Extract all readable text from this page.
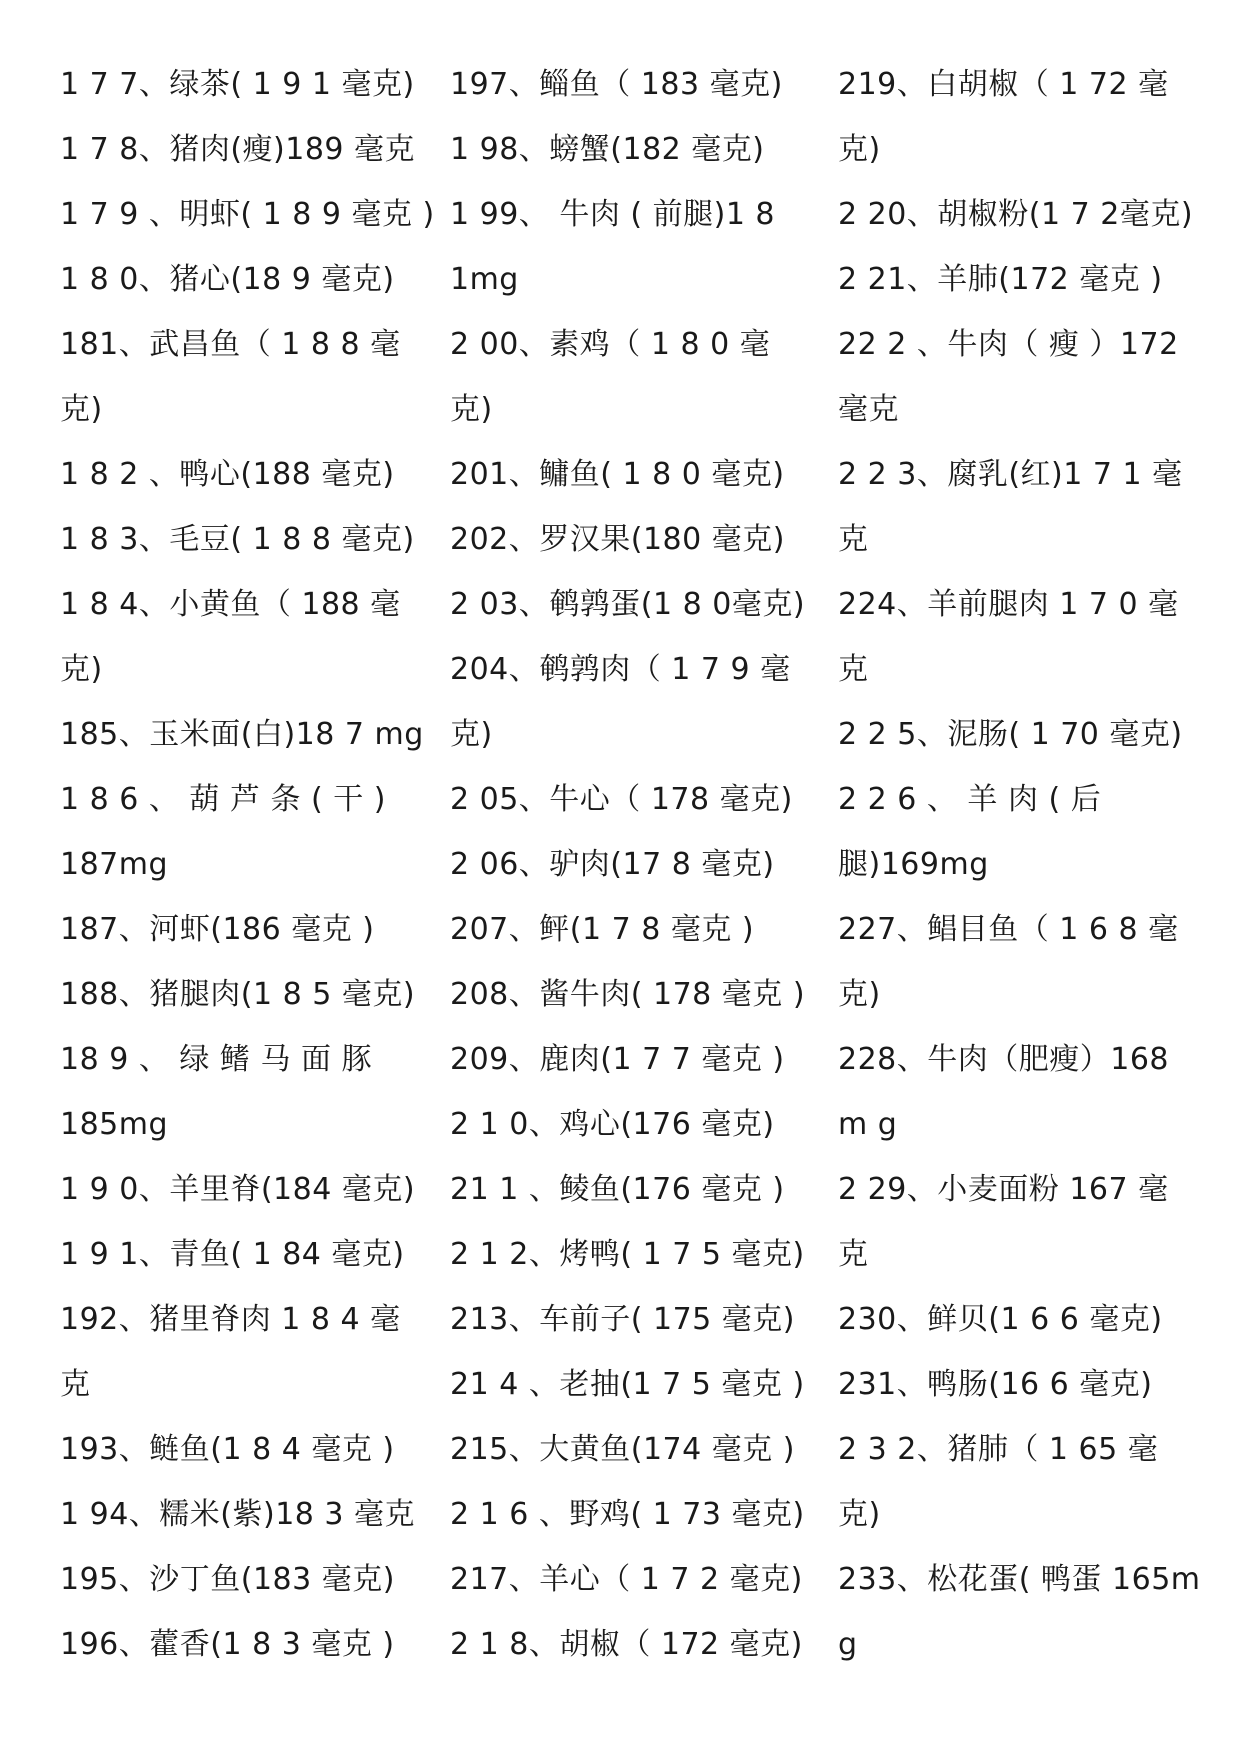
1 7 7、绿茶( 1 9 1 毫克)
1 7 8、猪肉(瘦)189 毫克
1 7 9 、明虾( 1 8 9 毫克 )
1 8 0、猪心(18 9 毫克)
181、武昌鱼（ 1 8 8 毫
克)
1 8 2 、鸭心(188 毫克)
1 8 3、毛豆( 1 8 8 毫克)
1 8 4、小黄鱼（ 188 毫
克)
185、玉米面(白)18 7 mg
1 8 6 、 葫 芦 条 ( 干 )
187mg
187、河虾(186 毫克 )
188、猪腿肉(1 8 5 毫克)
18 9 、 绿 鳍 马 面 豚
185mg
1 9 0、羊里脊(184 毫克)
1 9 1、青鱼( 1 84 毫克)
192、猪里脊肉 1 8 4 毫
克
193、鲢鱼(1 8 4 毫克 )
1 94、糯米(紫)18 3 毫克
195、沙丁鱼(183 毫克)
196、藿香(1 8 3 毫克 )
197、鲻鱼（ 183 毫克)
1 98、螃蟹(182 毫克)
1 99、 牛肉 ( 前腿)1 8
1mg
2 00、素鸡（ 1 8 0 毫
克)
201、鳙鱼( 1 8 0 毫克)
202、罗汉果(180 毫克)
2 03、鹌鹑蛋(1 8 0毫克)
204、鹌鹑肉（ 1 7 9 毫
克)
2 05、牛心（ 178 毫克)
2 06、驴肉(17 8 毫克)
207、鲆(1 7 8 毫克 )
208、酱牛肉( 178 毫克 )
209、鹿肉(1 7 7 毫克 )
2 1 0、鸡心(176 毫克)
21 1 、鲮鱼(176 毫克 )
2 1 2、烤鸭( 1 7 5 毫克)
213、车前子( 175 毫克)
21 4 、老抽(1 7 5 毫克 )
215、大黄鱼(174 毫克 )
2 1 6 、野鸡( 1 73 毫克)
217、羊心（ 1 7 2 毫克)
2 1 8、胡椒（ 172 毫克)
219、白胡椒（ 1 72 毫
克)
2 20、胡椒粉(1 7 2毫克)
2 21、羊肺(172 毫克 )
22 2 、牛肉（ 瘦 ）172
毫克
2 2 3、腐乳(红)1 7 1 毫
克
224、羊前腿肉 1 7 0 毫
克
2 2 5、泥肠( 1 70 毫克)
2 2 6 、 羊 肉 ( 后
腿)169mg
227、鲳目鱼（ 1 6 8 毫
克)
228、牛肉（肥瘦）168
m g
2 29、小麦面粉 167 毫
克
230、鲜贝(1 6 6 毫克)
231、鸭肠(16 6 毫克)
2 3 2、猪肺（ 1 65 毫
克)
233、松花蛋( 鸭蛋 165m
g
